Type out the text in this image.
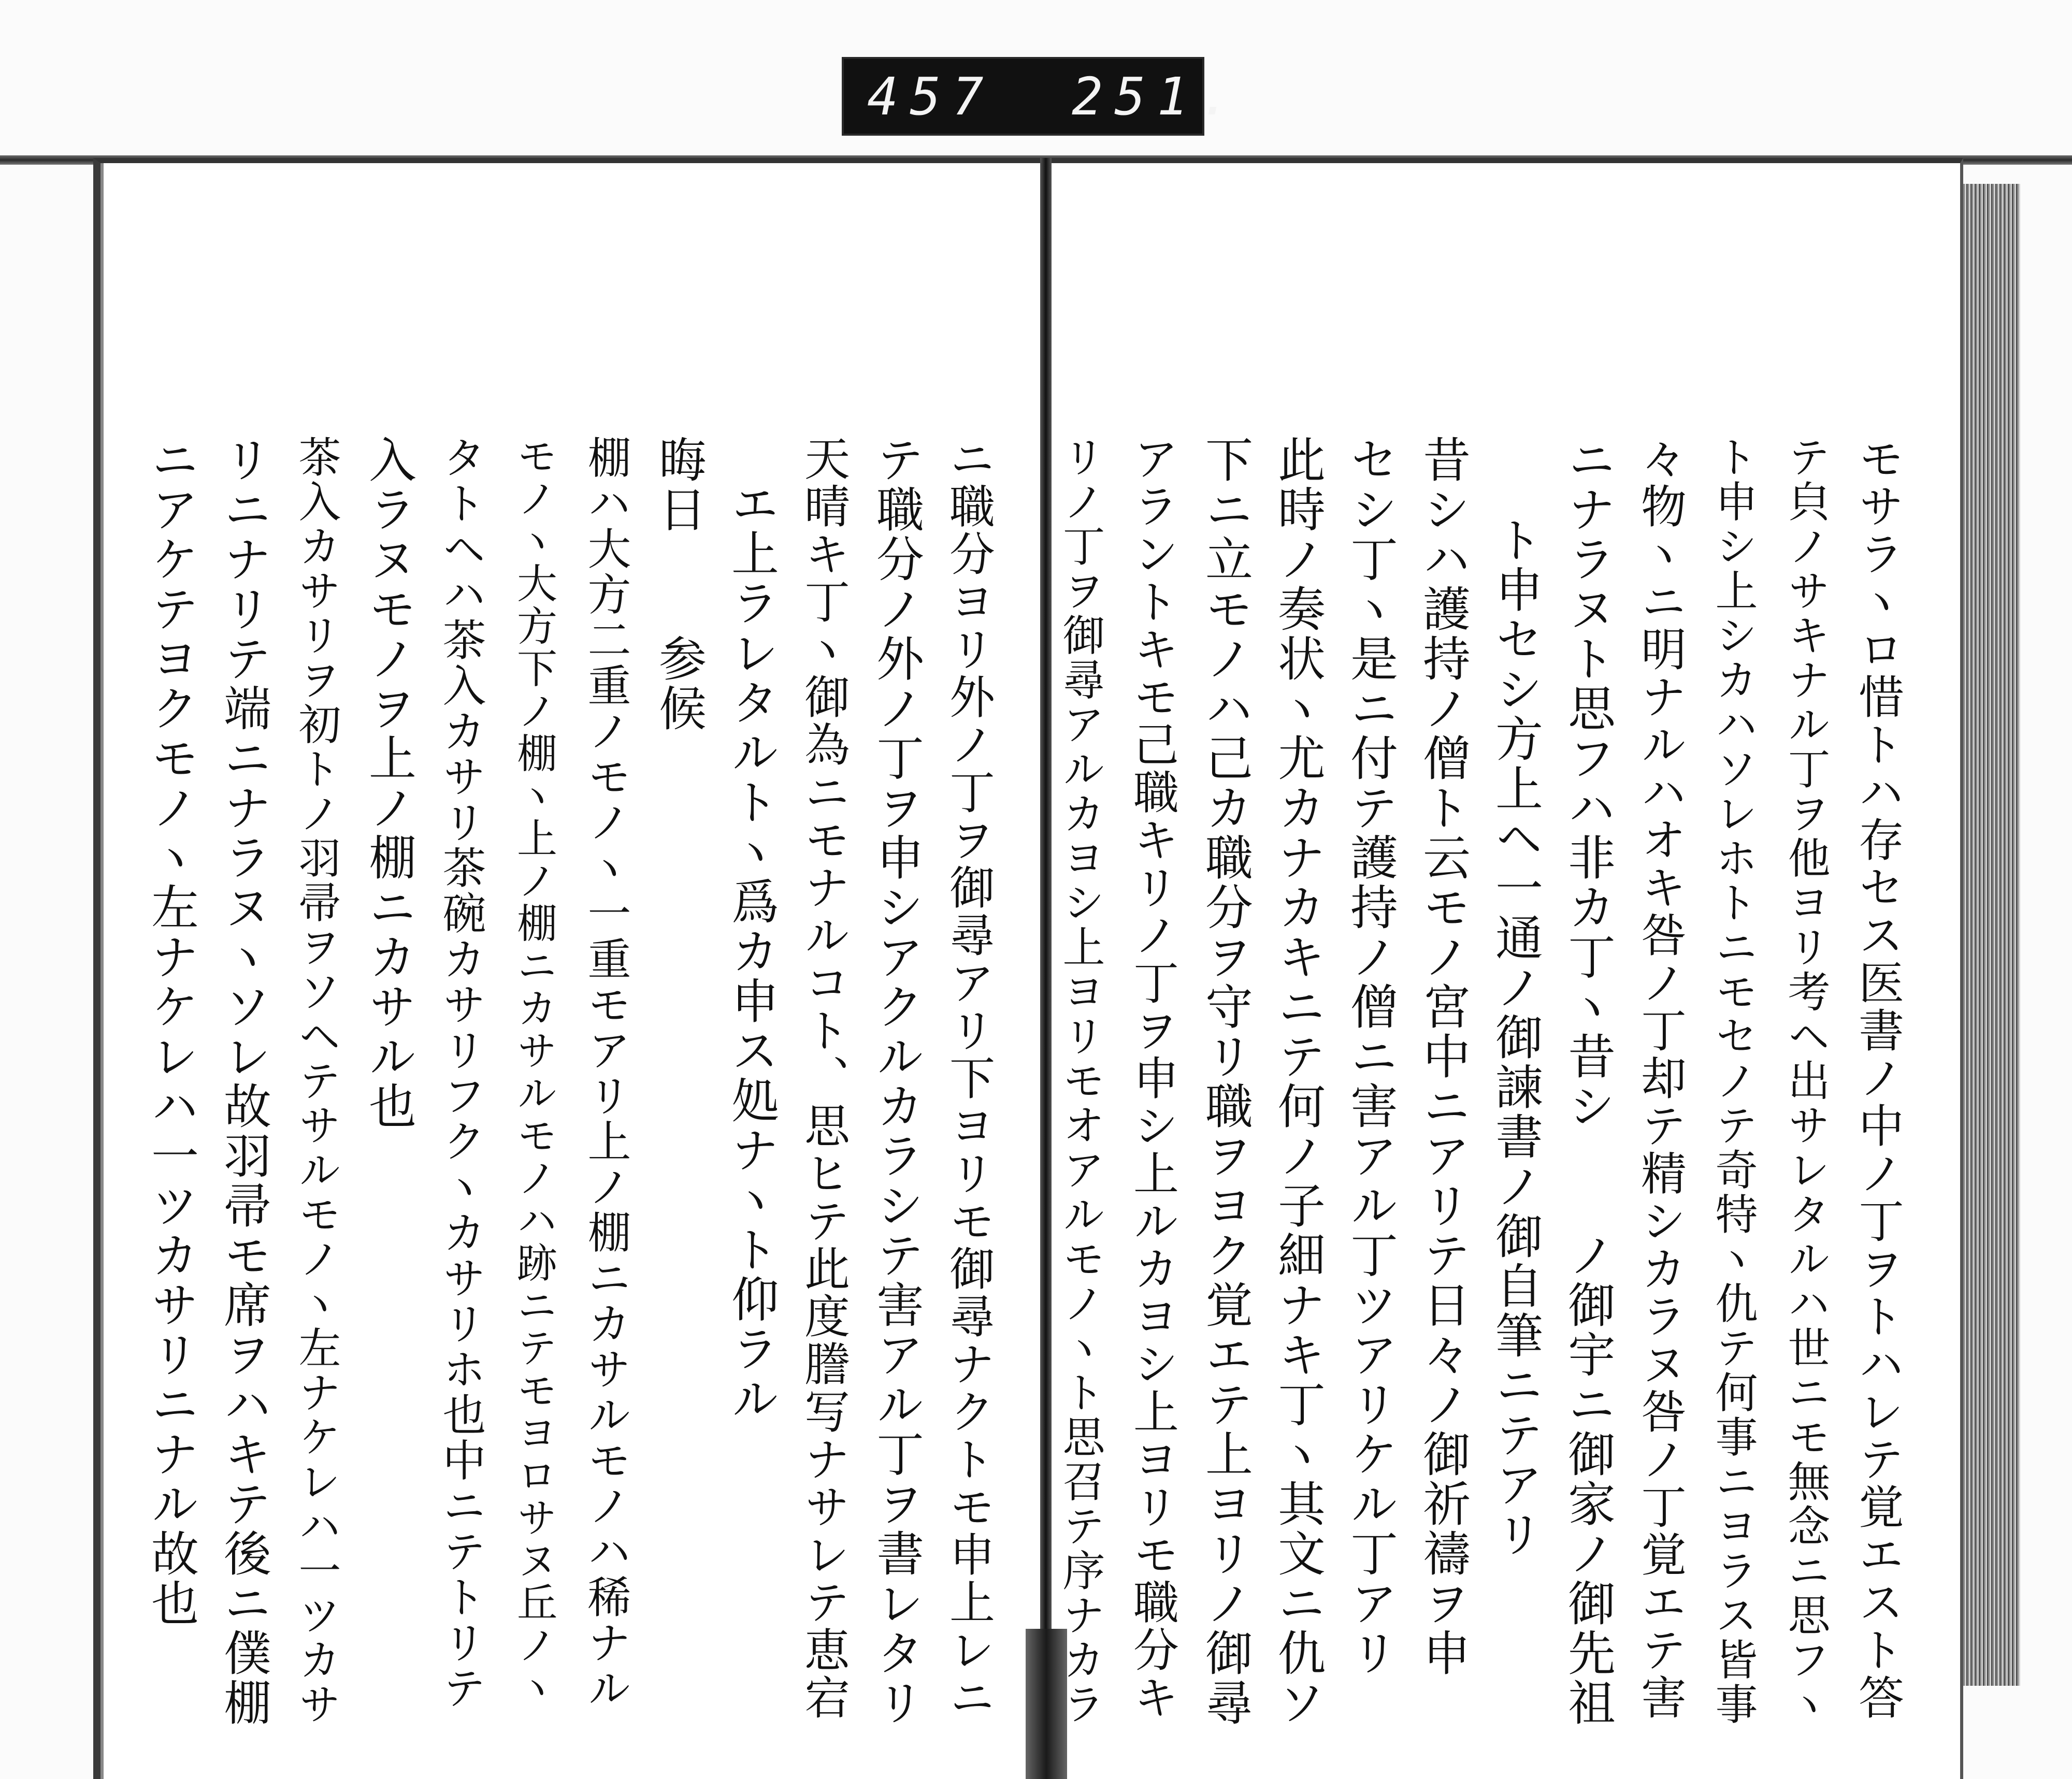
457 251.
モサラヽロ惜トハ存セス医書ノ中ノ丁ヲトハレテ覚エスト答
テ㒵ノサキナル丁ヲ他ヨリ考ヘ出サレタルハ世ニモ無念ニ思フヽ
ト申シ上シカハソレホトニモセノテ奇特ヽ仇テ何事ニヨラス皆事
々物ヽニ明ナルハオキ咎ノ丁却テ精シカラヌ咎ノ丁覚エテ害
ニナラヌト思フハ非カ丁ヽ昔シ　　ノ御宇ニ御家ノ御先祖
ト申セシ方上ヘ一通ノ御諫書ノ御自筆ニテアリ
昔シハ護持ノ僧ト云モノ宮中ニアリテ日々ノ御祈禱ヲ申
セシ丁ヽ是ニ付テ護持ノ僧ニ害アル丁ツアリケル丁アリ
此時ノ奏状ヽ尤カナカキニテ何ノ子細ナキ丁ヽ其文ニ仇ソ
下ニ立モノハ己カ職分ヲ守リ職ヲヨク覚エテ上ヨリノ御尋
アラントキモ己職キリノ丁ヲ申シ上ルカヨシ上ヨリモ職分キ
リノ丁ヲ御尋アルカヨシ上ヨリモオアルモノヽト思召テ序ナカラ
ニ職分ヨリ外ノ丁ヲ御尋アリ下ヨリモ御尋ナクトモ申上レニ
テ職分ノ外ノ丁ヲ申シアクルカラシテ害アル丁ヲ書レタリ
天晴キ丁ヽ御為ニモナルコト、思ヒテ此度謄写ナサレテ恵宕
エ上ラレタルトヽ爲カ申ス処ナヽト仰ラル
晦日　　参候
棚ハ大方二重ノモノヽ一重モアリ上ノ棚ニカサルモノハ稀ナル
モノヽ大方下ノ棚ヽ上ノ棚ニカサルモノハ跡ニテモヨロサヌ丘ノヽ
タトヘハ茶入カサリ茶碗カサリフクヽカサリホ也中ニテトリテ
入ラヌモノヲ上ノ棚ニカサル也
茶入カサリヲ初トノ羽帚ヲソヘテサルモノヽ左ナケレハ一ツカサ
リニナリテ端ニナラヌヽソレ故羽帚モ席ヲハキテ後ニ僕棚
ニアケテヨクモノヽ左ナケレハ一ツカサリニナル故也
